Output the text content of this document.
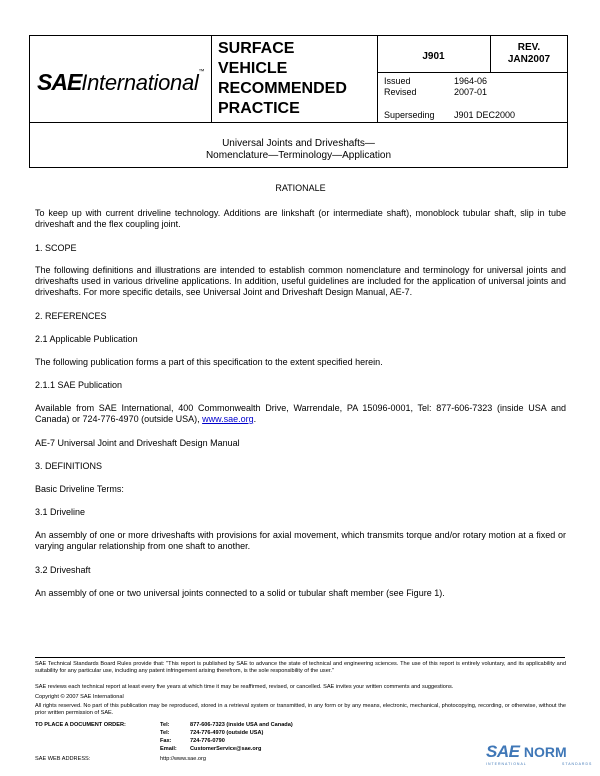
SAEInternational™
SURFACE
VEHICLE
RECOMMENDED
PRACTICE
J901
REV.
JAN2007
Issued	1964-06
Revised	2007-01
Superseding J901 DEC2000
Universal Joints and Driveshafts—
Nomenclature—Terminology—Application
RATIONALE
To keep up with current driveline technology. Additions are linkshaft (or intermediate shaft), monoblock tubular shaft, slip in tube driveshaft and the flex coupling joint.
1. SCOPE
The following definitions and illustrations are intended to establish common nomenclature and terminology for universal joints and driveshafts used in various driveline applications. In addition, useful guidelines are included for the application of universal joints and driveshafts. For more specific details, see Universal Joint and Driveshaft Design Manual, AE-7.
2. REFERENCES
2.1 Applicable Publication
The following publication forms a part of this specification to the extent specified herein.
2.1.1 SAE Publication
Available from SAE International, 400 Commonwealth Drive, Warrendale, PA 15096-0001, Tel: 877-606-7323 (inside USA and Canada) or 724-776-4970 (outside USA), www.sae.org.
AE-7 Universal Joint and Driveshaft Design Manual
3. DEFINITIONS
Basic Driveline Terms:
3.1 Driveline
An assembly of one or more driveshafts with provisions for axial movement, which transmits torque and/or rotary motion at a fixed or varying angular relationship from one shaft to another.
3.2 Driveshaft
An assembly of one or two universal joints connected to a solid or tubular shaft member (see Figure 1).
SAE Technical Standards Board Rules provide that: "This report is published by SAE to advance the state of technical and engineering sciences. The use of this report is entirely voluntary, and its applicability and suitability for any particular use, including any patent infringement arising therefrom, is the sole responsibility of the user."
SAE reviews each technical report at least every five years at which time it may be reaffirmed, revised, or cancelled. SAE invites your written comments and suggestions.
Copyright © 2007 SAE International
All rights reserved. No part of this publication may be reproduced, stored in a retrieval system or transmitted, in any form or by any means, electronic, mechanical, photocopying, recording, or otherwise, without the prior written permission of SAE.
TO PLACE A DOCUMENT ORDER:	Tel:	877-606-7323 (inside USA and Canada)
Tel:	724-776-4970 (outside USA)
Fax:	724-776-0790
Email: CustomerService@sae.org
SAE WEB ADDRESS:	http://www.sae.org	SAE NORM
INTERNATIONAL	STANDARDS
